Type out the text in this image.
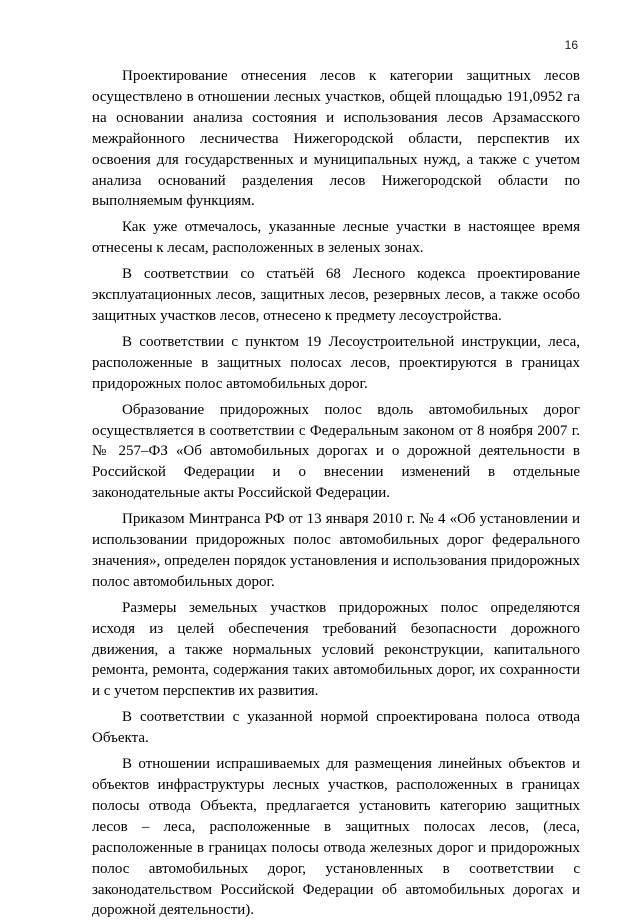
16

Проектирование отнесения лесов к категории защитных лесов осуществлено в отношении лесных участков, общей площадью 191,0952 га на основании анализа состояния и использования лесов Арзамасского межрайонного лесничества Нижегородской области, перспектив их освоения для государственных и муниципальных нужд, а также с учетом анализа оснований разделения лесов Нижегородской области по выполняемым функциям.

Как уже отмечалось, указанные лесные участки в настоящее время отнесены к лесам, расположенных в зеленых зонах.

В соответствии со статьёй 68 Лесного кодекса проектирование эксплуатационных лесов, защитных лесов, резервных лесов, а также особо защитных участков лесов, отнесено к предмету лесоустройства.

В соответствии с пунктом 19 Лесоустроительной инструкции, леса, расположенные в защитных полосах лесов, проектируются в границах придорожных полос автомобильных дорог.

Образование придорожных полос вдоль автомобильных дорог осуществляется в соответствии с Федеральным законом от 8 ноября 2007 г. № 257–ФЗ «Об автомобильных дорогах и о дорожной деятельности в Российской Федерации и о внесении изменений в отдельные законодательные акты Российской Федерации.

Приказом Минтранса РФ от 13 января 2010 г. № 4 «Об установлении и использовании придорожных полос автомобильных дорог федерального значения», определен порядок установления и использования придорожных полос автомобильных дорог.

Размеры земельных участков придорожных полос определяются исходя из целей обеспечения требований безопасности дорожного движения, а также нормальных условий реконструкции, капитального ремонта, ремонта, содержания таких автомобильных дорог, их сохранности и с учетом перспектив их развития.

В соответствии с указанной нормой спроектирована полоса отвода Объекта.

В отношении испрашиваемых для размещения линейных объектов и объектов инфраструктуры лесных участков, расположенных в границах полосы отвода Объекта, предлагается установить категорию защитных лесов – леса, расположенные в защитных полосах лесов, (леса, расположенные в границах полосы отвода железных дорог и придорожных полос автомобильных дорог, установленных в соответствии с законодательством Российской Федерации об автомобильных дорогах и дорожной деятельности).
